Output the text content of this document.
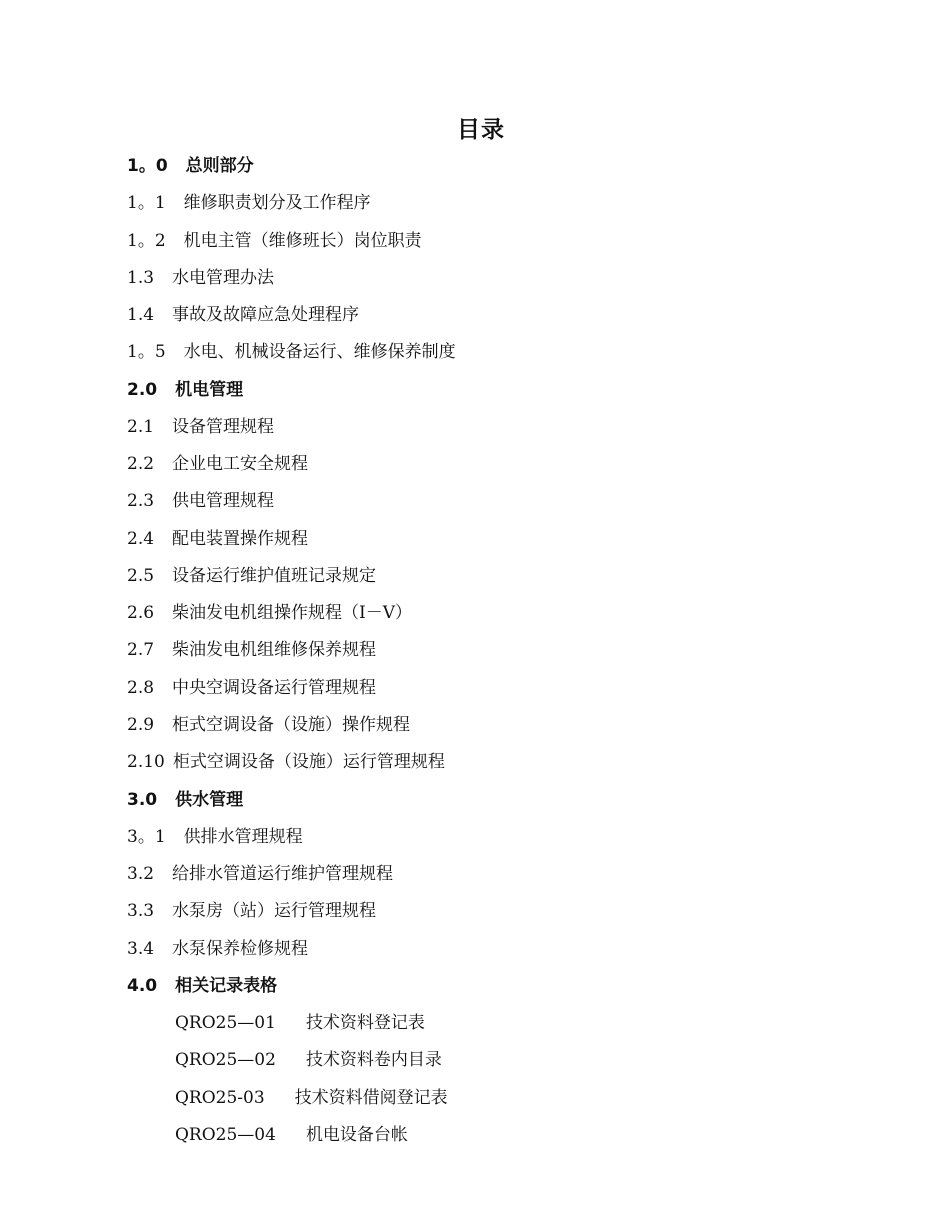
目录
1。0 总则部分
1。1 维修职责划分及工作程序
1。2 机电主管（维修班长）岗位职责
1.3 水电管理办法
1.4 事故及故障应急处理程序
1。5 水电、机械设备运行、维修保养制度
2.0 机电管理
2.1 设备管理规程
2.2 企业电工安全规程
2.3 供电管理规程
2.4 配电装置操作规程
2.5 设备运行维护值班记录规定
2.6 柴油发电机组操作规程（Ⅰ－Ⅴ）
2.7 柴油发电机组维修保养规程
2.8 中央空调设备运行管理规程
2.9 柜式空调设备（设施）操作规程
2.10 柜式空调设备（设施）运行管理规程
3.0 供水管理
3。1 供排水管理规程
3.2 给排水管道运行维护管理规程
3.3 水泵房（站）运行管理规程
3.4 水泵保养检修规程
4.0 相关记录表格
QRO25—01 技术资料登记表
QRO25—02 技术资料卷内目录
QRO25-03 技术资料借阅登记表
QRO25—04 机电设备台帐
